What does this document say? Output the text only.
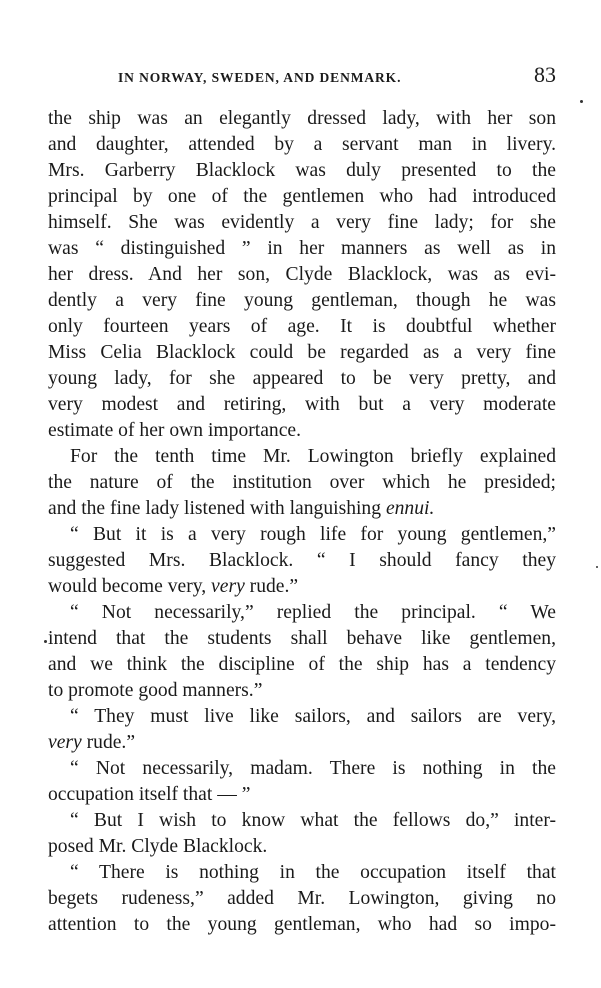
IN NORWAY, SWEDEN, AND DENMARK.	83
the ship was an elegantly dressed lady, with her son
and daughter, attended by a servant man in livery.
Mrs. Garberry Blacklock was duly presented to the
principal by one of the gentlemen who had introduced
himself. She was evidently a very fine lady; for she
was “ distinguished ” in her manners as well as in
her dress. And her son, Clyde Blacklock, was as evi-
dently a very fine young gentleman, though he was
only fourteen years of age. It is doubtful whether
Miss Celia Blacklock could be regarded as a very fine
young lady, for she appeared to be very pretty, and
very modest and retiring, with but a very moderate
estimate of her own importance.
For the tenth time Mr. Lowington briefly explained
the nature of the institution over which he presided;
and the fine lady listened with languishing ennui.
“ But it is a very rough life for young gentlemen,”
suggested Mrs. Blacklock. “ I should fancy they
would become very, very rude.”
“ Not necessarily,” replied the principal. “ We
intend that the students shall behave like gentlemen,
and we think the discipline of the ship has a tendency
to promote good manners.”
“ They must live like sailors, and sailors are very,
very rude.”
“ Not necessarily, madam. There is nothing in the
occupation itself that — ”
“ But I wish to know what the fellows do,” inter-
posed Mr. Clyde Blacklock.
“ There is nothing in the occupation itself that
begets rudeness,” added Mr. Lowington, giving no
attention to the young gentleman, who had so impo-
